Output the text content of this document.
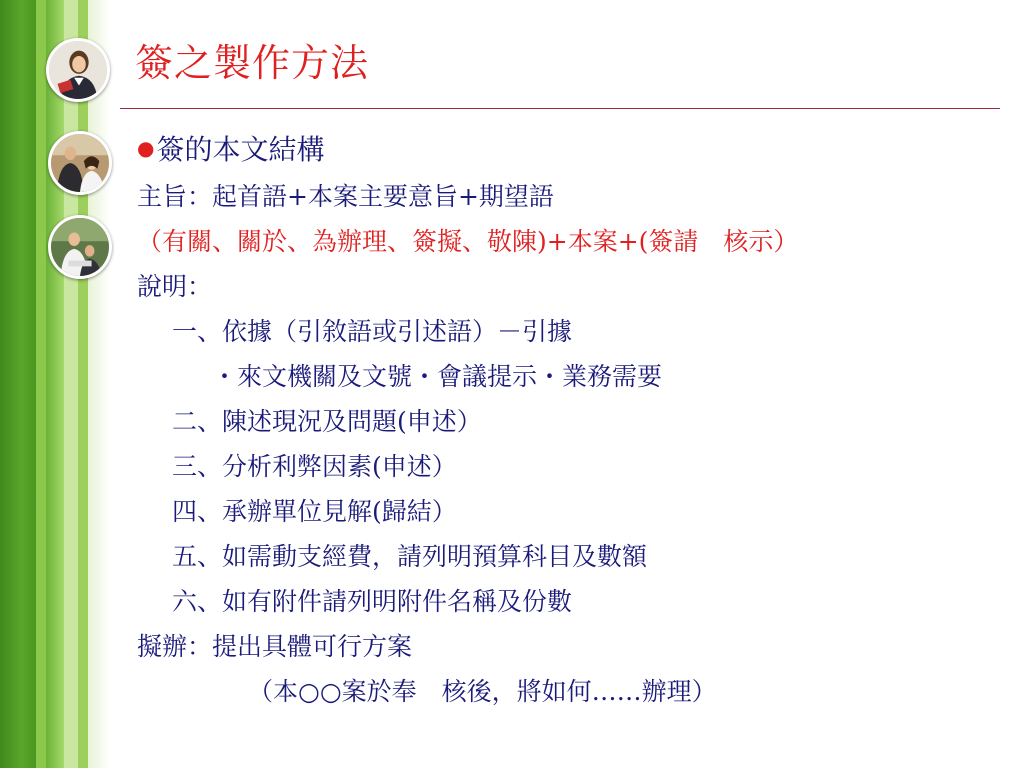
簽之製作方法
●簽的本文結構
主旨：起首語+本案主要意旨+期望語
（有關、關於、為辦理、簽擬、敬陳)+本案+(簽請　核示）
說明：
一、依據（引敘語或引述語）－引據
・來文機關及文號・會議提示・業務需要
二、陳述現況及問題(申述）
三、分析利弊因素(申述）
四、承辦單位見解(歸結）
五、如需動支經費，請列明預算科目及數額
六、如有附件請列明附件名稱及份數
擬辦：提出具體可行方案
（本○○案於奉　核後，將如何……辦理）
